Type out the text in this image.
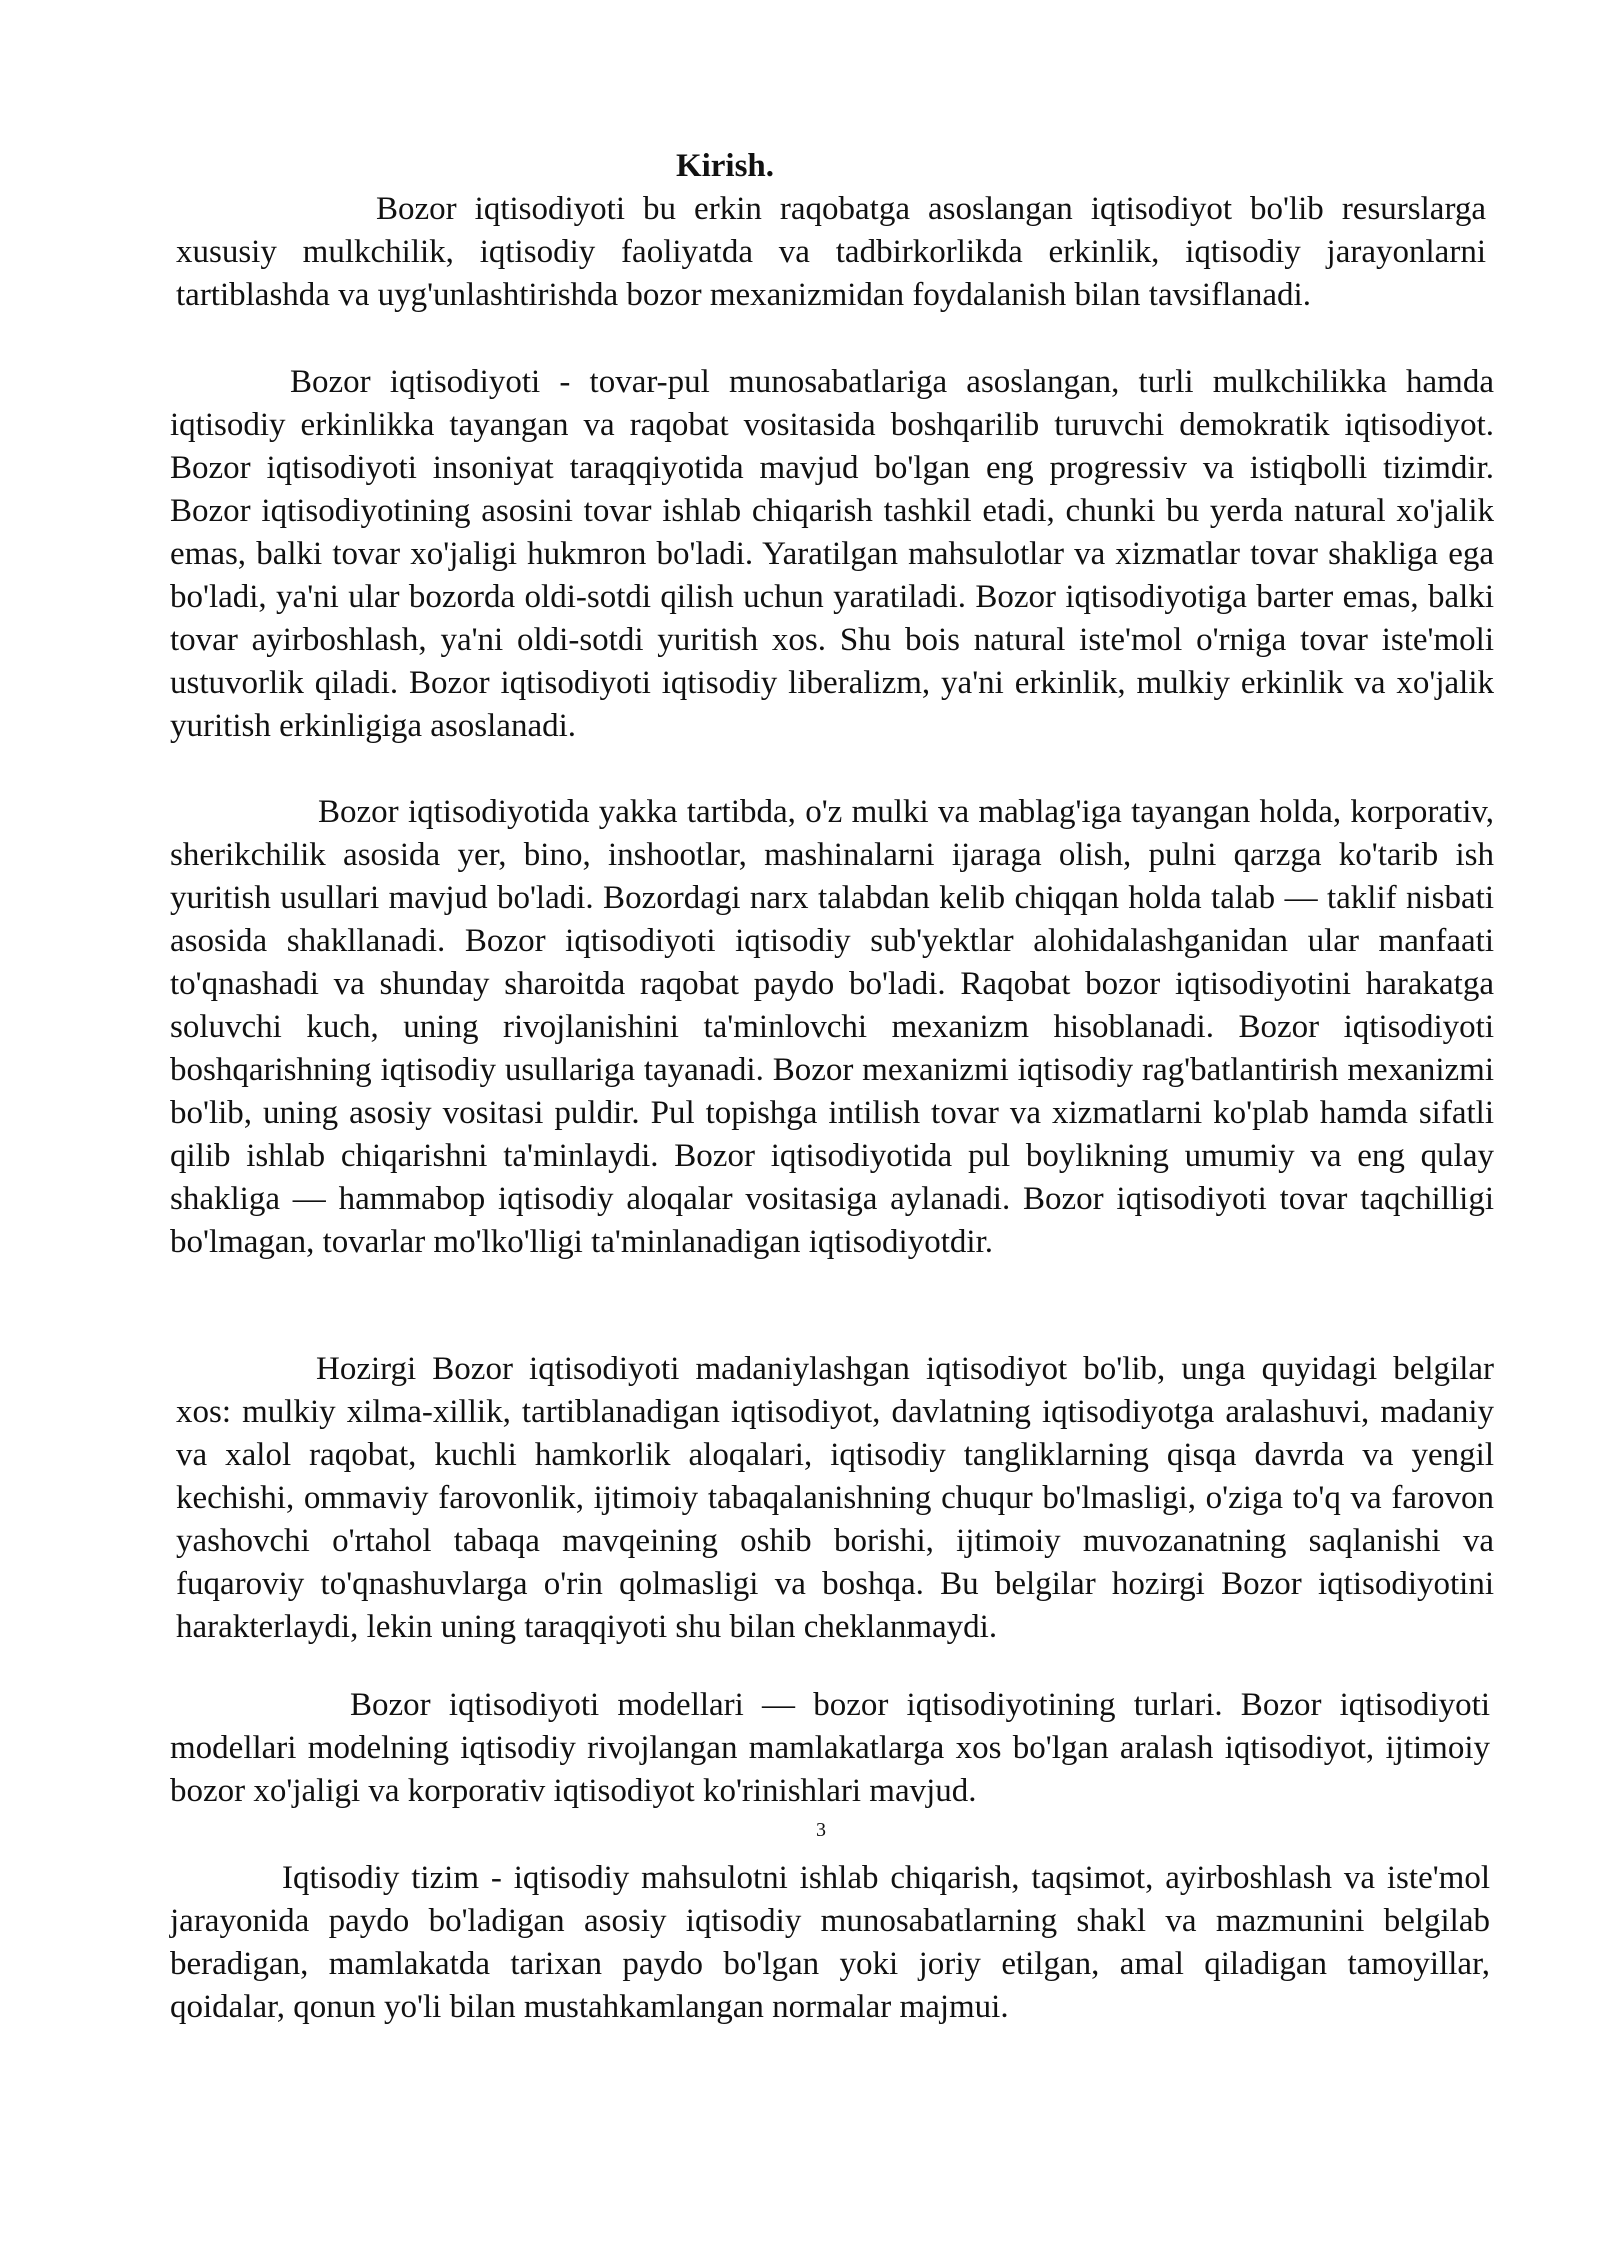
Kirish.

Bozor iqtisodiyoti bu erkin raqobatga asoslangan iqtisodiyot bo'lib resurslarga xususiy mulkchilik, iqtisodiy faoliyatda va tadbirkorlikda erkinlik, iqtisodiy jarayonlarni tartiblashda va uyg'unlashtirishda bozor mexanizmidan foydalanish bilan tavsiflanadi.

Bozor iqtisodiyoti - tovar-pul munosabatlariga asoslangan, turli mulkchilikka hamda iqtisodiy erkinlikka tayangan va raqobat vositasida boshqarilib turuvchi demokratik iqtisodiyot. Bozor iqtisodiyoti insoniyat taraqqiyotida mavjud bo'lgan eng progressiv va istiqbolli tizimdir. Bozor iqtisodiyotining asosini tovar ishlab chiqarish tashkil etadi, chunki bu yerda natural xo'jalik emas, balki tovar xo'jaligi hukmron bo'ladi. Yaratilgan mahsulotlar va xizmatlar tovar shakliga ega bo'ladi, ya'ni ular bozorda oldi-sotdi qilish uchun yaratiladi. Bozor iqtisodiyotiga barter emas, balki tovar ayirboshlash, ya'ni oldi-sotdi yuritish xos. Shu bois natural iste'mol o'rniga tovar iste'moli ustuvorlik qiladi. Bozor iqtisodiyoti iqtisodiy liberalizm, ya'ni erkinlik, mulkiy erkinlik va xo'jalik yuritish erkinligiga asoslanadi.

Bozor iqtisodiyotida yakka tartibda, o'z mulki va mablag'iga tayangan holda, korporativ, sherikchilik asosida yer, bino, inshootlar, mashinalarni ijaraga olish, pulni qarzga ko'tarib ish yuritish usullari mavjud bo'ladi. Bozordagi narx talabdan kelib chiqqan holda talab — taklif nisbati asosida shakllanadi. Bozor iqtisodiyoti iqtisodiy sub'yektlar alohidalashganidan ular manfaati to'qnashadi va shunday sharoitda raqobat paydo bo'ladi. Raqobat bozor iqtisodiyotini harakatga soluvchi kuch, uning rivojlanishini ta'minlovchi mexanizm hisoblanadi. Bozor iqtisodiyoti boshqarishning iqtisodiy usullariga tayanadi. Bozor mexanizmi iqtisodiy rag'batlantirish mexanizmi bo'lib, uning asosiy vositasi puldir. Pul topishga intilish tovar va xizmatlarni ko'plab hamda sifatli qilib ishlab chiqarishni ta'minlaydi. Bozor iqtisodiyotida pul boylikning umumiy va eng qulay shakliga — hammabop iqtisodiy aloqalar vositasiga aylanadi. Bozor iqtisodiyoti tovar taqchilligi bo'lmagan, tovarlar mo'lko'lligi ta'minlanadigan iqtisodiyotdir.

Hozirgi Bozor iqtisodiyoti madaniylashgan iqtisodiyot bo'lib, unga quyidagi belgilar xos: mulkiy xilma-xillik, tartiblanadigan iqtisodiyot, davlatning iqtisodiyotga aralashuvi, madaniy va xalol raqobat, kuchli hamkorlik aloqalari, iqtisodiy tangliklarning qisqa davrda va yengil kechishi, ommaviy farovonlik, ijtimoiy tabaqalanishning chuqur bo'lmasligi, o'ziga to'q va farovon yashovchi o'rtahol tabaqa mavqeining oshib borishi, ijtimoiy muvozanatning saqlanishi va fuqaroviy to'qnashuvlarga o'rin qolmasligi va boshqa. Bu belgilar hozirgi Bozor iqtisodiyotini harakterlaydi, lekin uning taraqqiyoti shu bilan cheklanmaydi.

Bozor iqtisodiyoti modellari — bozor iqtisodiyotining turlari. Bozor iqtisodiyoti modellari modelning iqtisodiy rivojlangan mamlakatlarga xos bo'lgan aralash iqtisodiyot, ijtimoiy bozor xo'jaligi va korporativ iqtisodiyot ko'rinishlari mavjud.

3

Iqtisodiy tizim - iqtisodiy mahsulotni ishlab chiqarish, taqsimot, ayirboshlash va iste'mol jarayonida paydo bo'ladigan asosiy iqtisodiy munosabatlarning shakl va mazmunini belgilab beradigan, mamlakatda tarixan paydo bo'lgan yoki joriy etilgan, amal qiladigan tamoyillar, qoidalar, qonun yo'li bilan mustahkamlangan normalar majmui.
